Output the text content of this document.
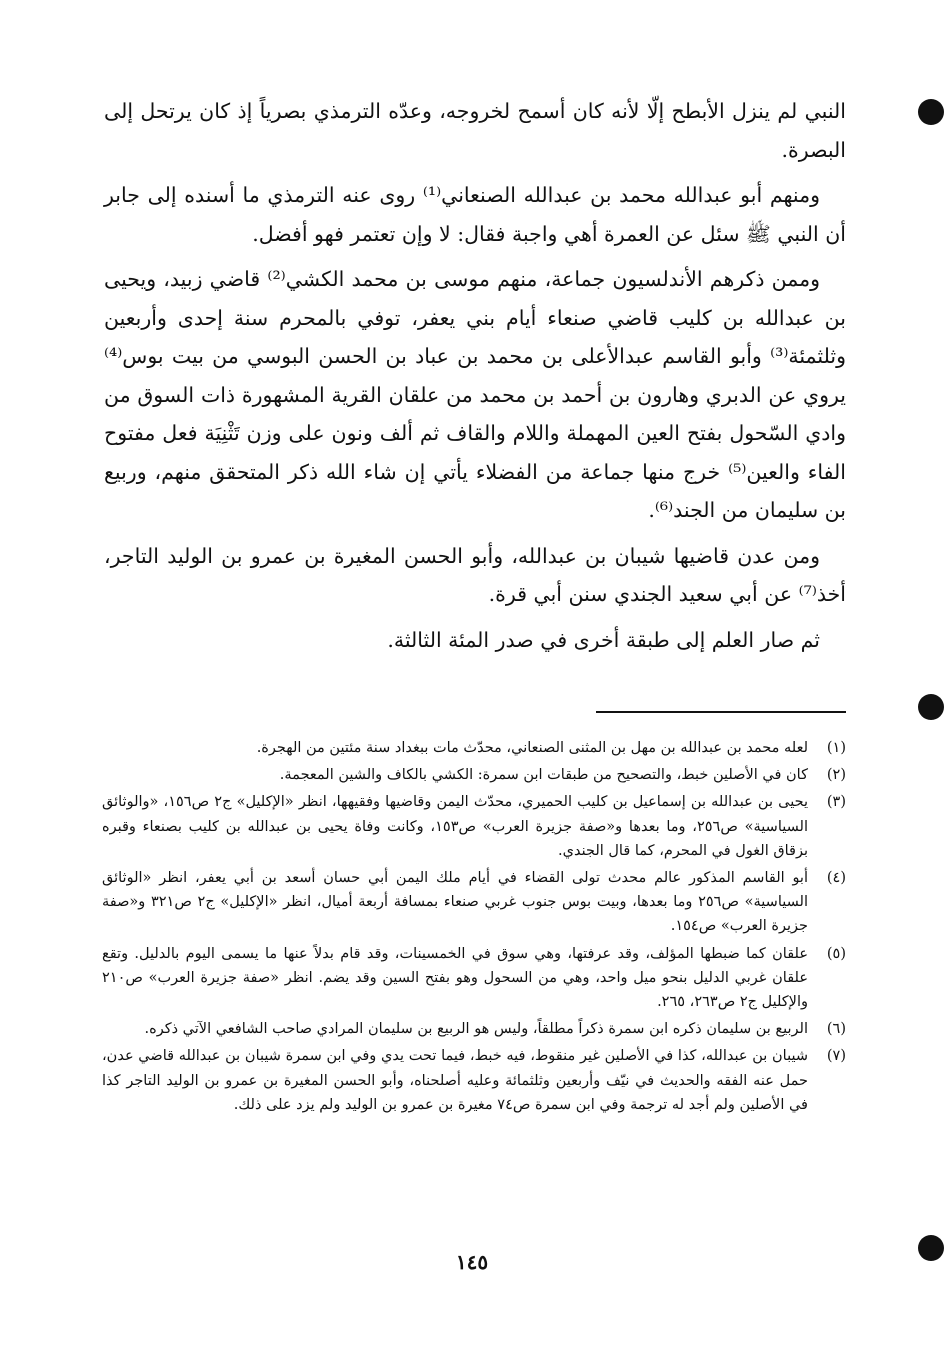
النبي لم ينزل الأبطح إلّا لأنه كان أسمح لخروجه، وعدّه الترمذي بصرياً إذ كان يرتحل إلى البصرة.

ومنهم أبو عبدالله محمد بن عبدالله الصنعاني⁽¹⁾ روى عنه الترمذي ما أسنده إلى جابر أن النبي ﷺ سئل عن العمرة أهي واجبة فقال: لا وإن تعتمر فهو أفضل.

وممن ذكرهم الأندلسيون جماعة، منهم موسى بن محمد الكشي⁽²⁾ قاضي زبيد، ويحيى بن عبدالله بن كليب قاضي صنعاء أيام بني يعفر، توفي بالمحرم سنة إحدى وأربعين وثلثمئة⁽³⁾ وأبو القاسم عبدالأعلى بن محمد بن عباد بن الحسن البوسي من بيت بوس⁽⁴⁾ يروي عن الدبري وهارون بن أحمد بن محمد من علقان القرية المشهورة ذات السوق من وادي السّحول بفتح العين المهملة واللام والقاف ثم ألف ونون على وزن تَثْنِيَة فعل مفتوح الفاء والعين⁽⁵⁾ خرج منها جماعة من الفضلاء يأتي إن شاء الله ذكر المتحقق منهم، وربيع بن سليمان من الجند⁽⁶⁾.

ومن عدن قاضيها شيبان بن عبدالله، وأبو الحسن المغيرة بن عمرو بن الوليد التاجر، أخذ⁽⁷⁾ عن أبي سعيد الجندي سنن أبي قرة.

ثم صار العلم إلى طبقة أخرى في صدر المئة الثالثة.

(١)
لعله محمد بن عبدالله بن مهل بن المثنى الصنعاني، محدّث مات ببغداد سنة مئتين من الهجرة.
(٢)
كان في الأصلين خبط، والتصحيح من طبقات ابن سمرة: الكشي بالكاف والشين المعجمة.
(٣)
يحيى بن عبدالله بن إسماعيل بن كليب الحميري، محدّث اليمن وقاضيها وفقيهها، انظر «الإكليل» ج٢ ص١٥٦، «والوثائق السياسية» ص٢٥٦، وما بعدها و«صفة جزيرة العرب» ص١٥٣، وكانت وفاة يحيى بن عبدالله بن كليب بصنعاء وقبره بزقاق الغول في المحرم، كما قال الجندي.
(٤)
أبو القاسم المذكور عالم محدث تولى القضاء في أيام ملك اليمن أبي حسان أسعد بن أبي يعفر، انظر «الوثائق السياسية» ص٢٥٦ وما بعدها، وبيت بوس جنوب غربي صنعاء بمسافة أربعة أميال، انظر «الإكليل» ج٢ ص٣٢١ و«صفة جزيرة العرب» ص١٥٤.
(٥)
علقان كما ضبطها المؤلف، وقد عرفتها، وهي سوق في الخمسينات، وقد قام بدلاً عنها ما يسمى اليوم بالدليل. وتقع علقان غربي الدليل بنحو ميل واحد، وهي من السحول وهو بفتح السين وقد يضم. انظر «صفة جزيرة العرب» ص٢١٠ والإكليل ج٢ ص٢٦٣، ٢٦٥.
(٦)
الربيع بن سليمان ذكره ابن سمرة ذكراً مطلقاً، وليس هو الربيع بن سليمان المرادي صاحب الشافعي الآتي ذكره.
(٧)
شيبان بن عبدالله، كذا في الأصلين غير منقوط، فيه خبط، فيما تحت يدي وفي ابن سمرة شيبان بن عبدالله قاضي عدن، حمل عنه الفقه والحديث في نيّف وأربعين وثلثمائة وعليه أصلحناه، وأبو الحسن المغيرة بن عمرو بن الوليد التاجر كذا في الأصلين ولم أجد له ترجمة وفي ابن سمرة ص٧٤ مغيرة بن عمرو بن الوليد ولم يزد على ذلك.
١٤٥
